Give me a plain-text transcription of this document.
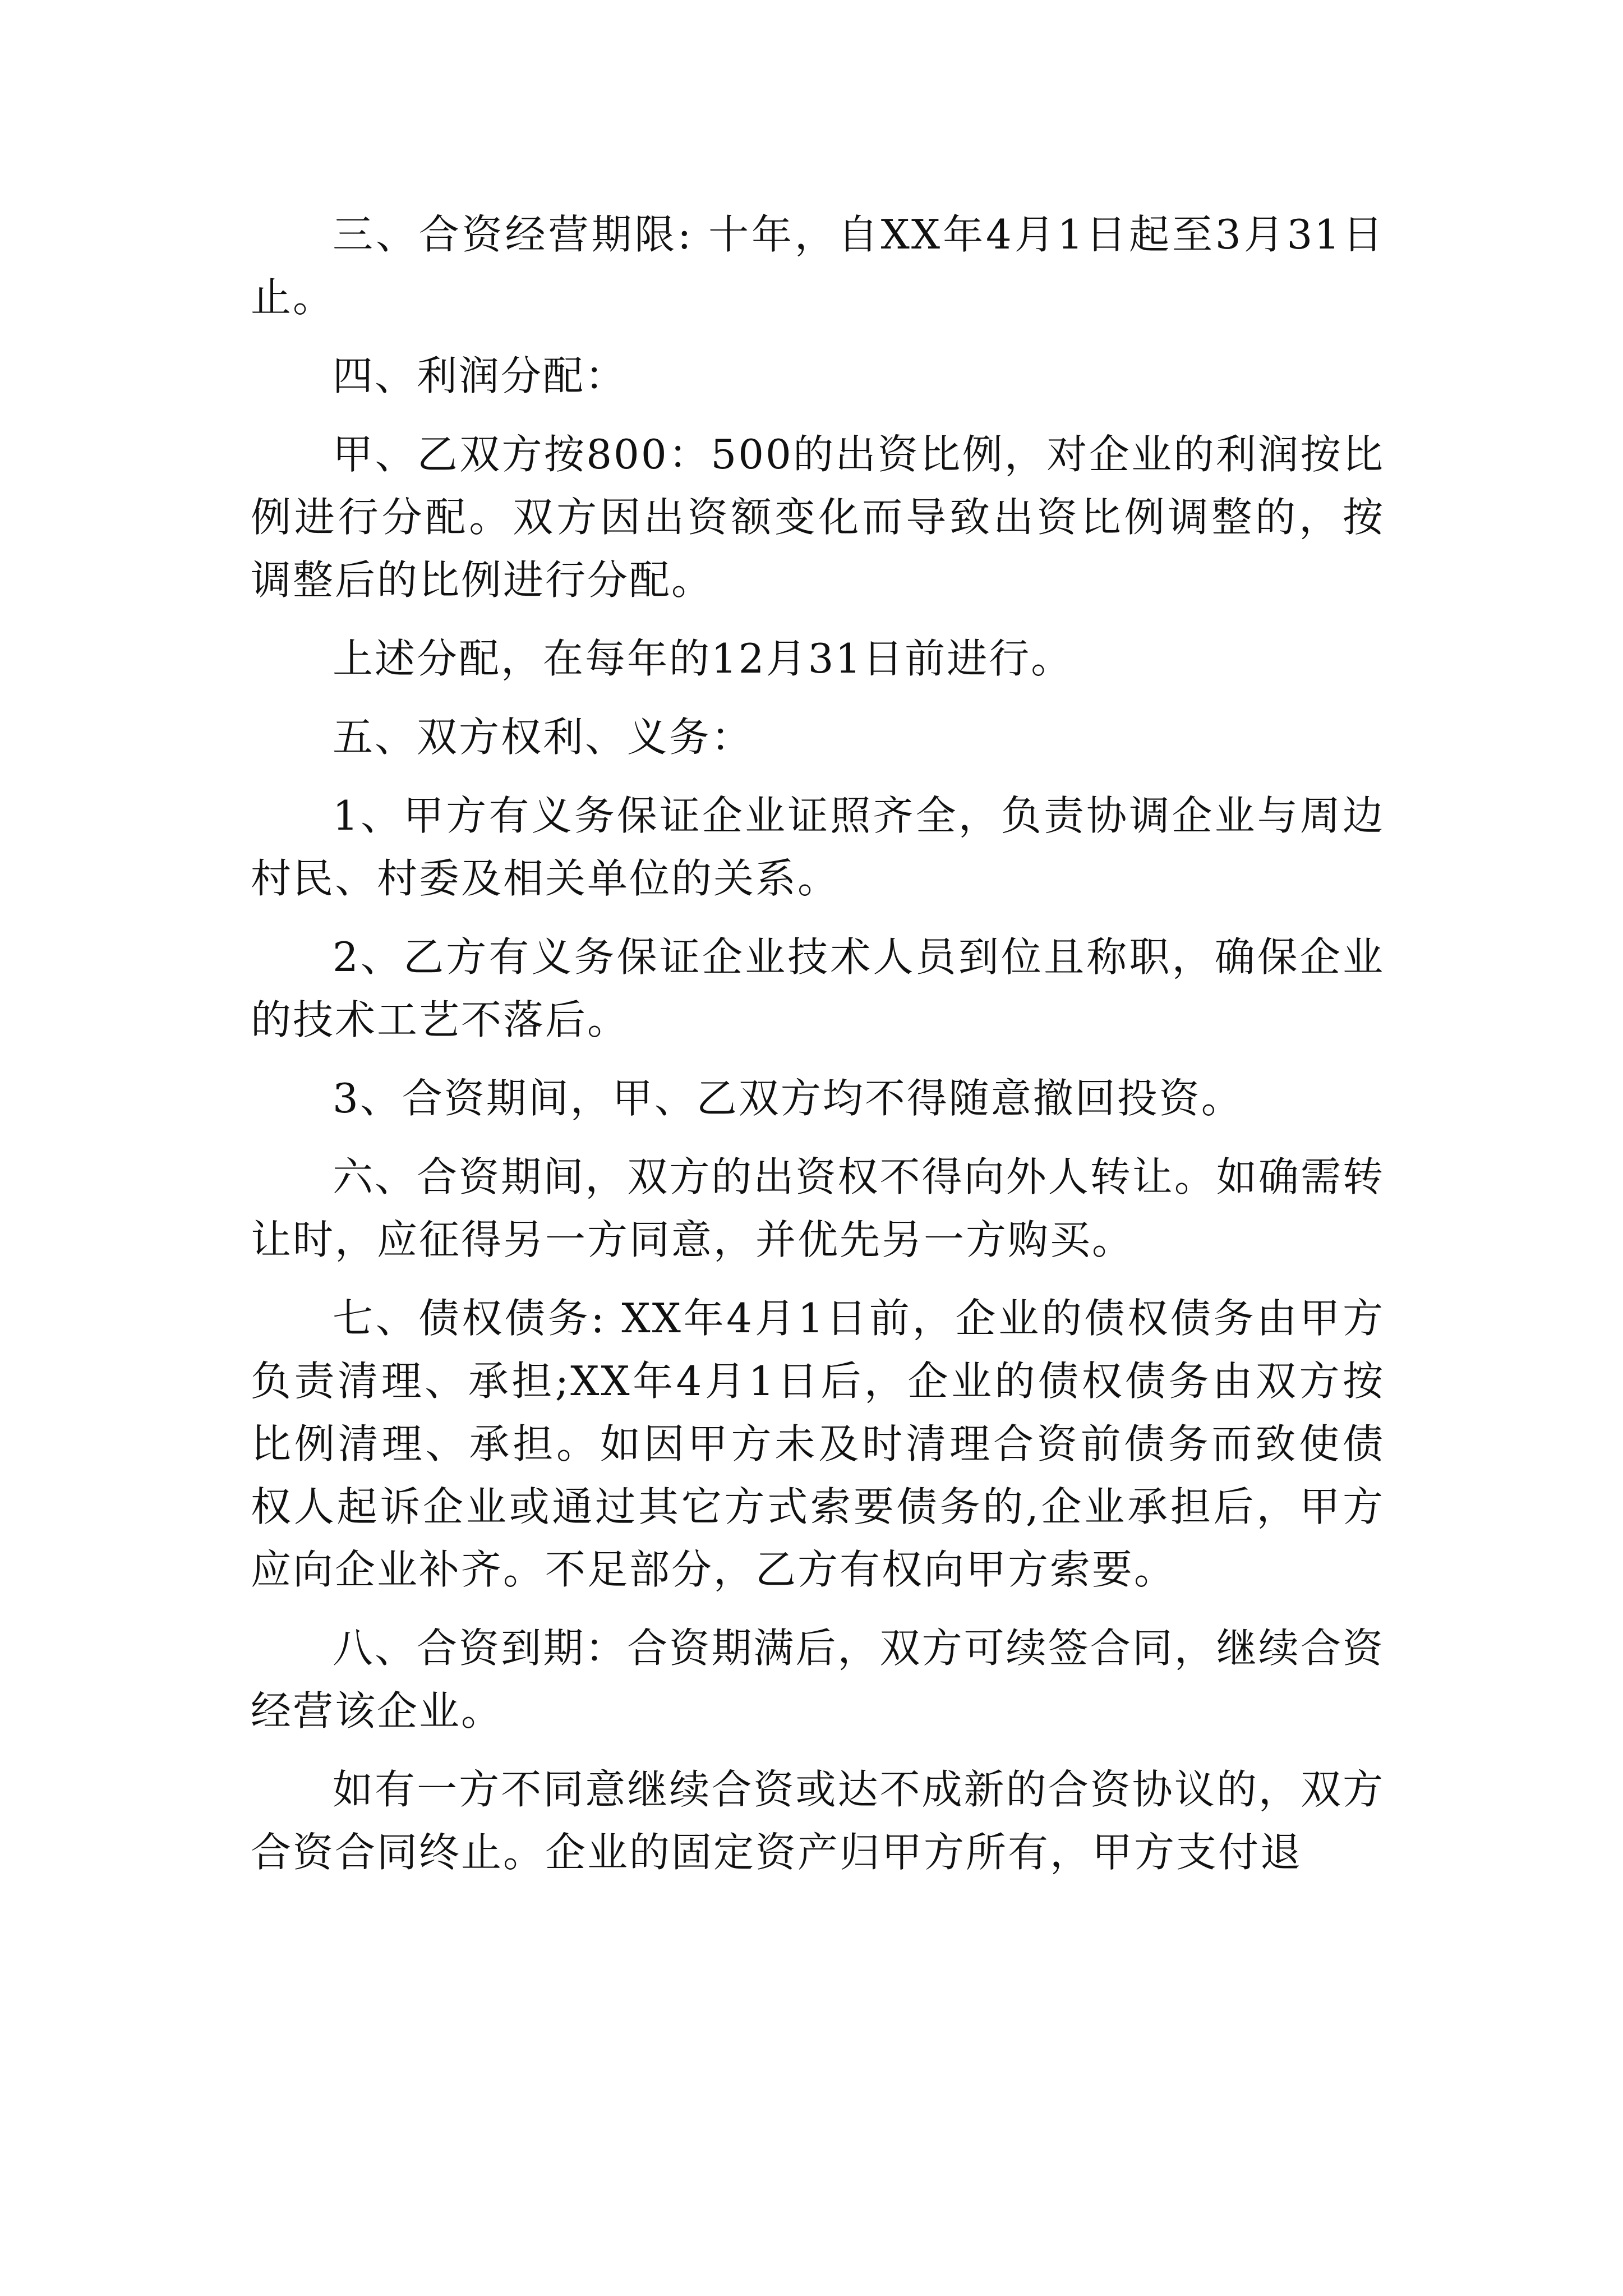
三、合资经营期限: 十年，自XX年4月1日起至3月31日止。

四、利润分配：

甲、乙双方按800：500的出资比例，对企业的利润按比例进行分配。双方因出资额变化而导致出资比例调整的，按调整后的比例进行分配。

上述分配，在每年的12月31日前进行。

五、双方权利、义务：

1、甲方有义务保证企业证照齐全，负责协调企业与周边村民、村委及相关单位的关系。

2、乙方有义务保证企业技术人员到位且称职，确保企业的技术工艺不落后。

3、合资期间，甲、乙双方均不得随意撤回投资。

六、合资期间，双方的出资权不得向外人转让。如确需转让时，应征得另一方同意，并优先另一方购买。

七、债权债务: XX年4月1日前，企业的债权债务由甲方负责清理、承担;XX年4月1日后，企业的债权债务由双方按比例清理、承担。如因甲方未及时清理合资前债务而致使债权人起诉企业或通过其它方式索要债务的,企业承担后，甲方应向企业补齐。不足部分，乙方有权向甲方索要。

八、合资到期：合资期满后，双方可续签合同，继续合资经营该企业。

如有一方不同意继续合资或达不成新的合资协议的，双方合资合同终止。企业的固定资产归甲方所有，甲方支付退
